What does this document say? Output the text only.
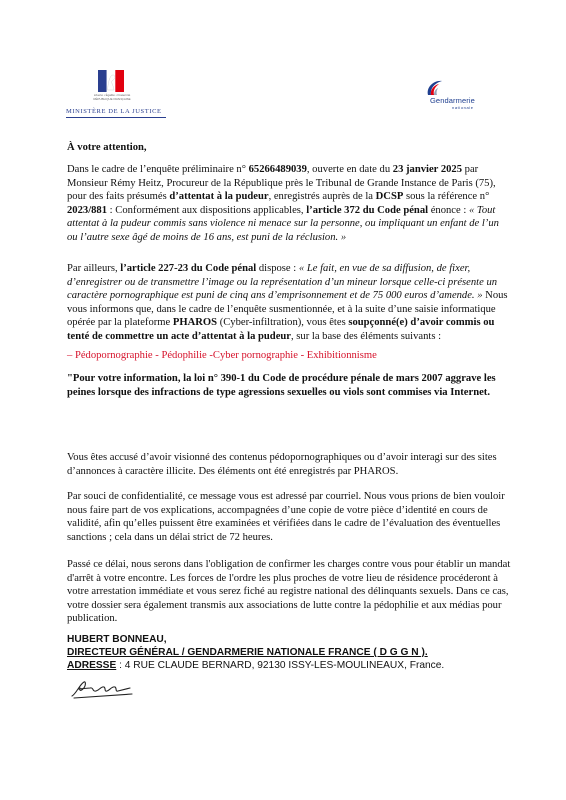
Liberté • Égalité • Fraternité
RÉPUBLIQUE FRANÇAISE
MINISTÈRE DE LA JUSTICE
Gendarmerie
nationale

À votre attention,

Dans le cadre de l’enquête préliminaire n° 65266489039, ouverte en date du 23 janvier 2025 par Monsieur Rémy Heitz, Procureur de la République près le Tribunal de Grande Instance de Paris (75), pour des faits présumés d’attentat à la pudeur, enregistrés auprès de la DCSP sous la référence n° 2023/881 : Conformément aux dispositions applicables, l’article 372 du Code pénal énonce : « Tout attentat à la pudeur commis sans violence ni menace sur la personne, ou impliquant un enfant de l’un ou l’autre sexe âgé de moins de 16 ans, est puni de la réclusion. »

Par ailleurs, l’article 227-23 du Code pénal dispose : « Le fait, en vue de sa diffusion, de fixer, d’enregistrer ou de transmettre l’image ou la représentation d’un mineur lorsque celle-ci présente un caractère pornographique est puni de cinq ans d’emprisonnement et de 75 000 euros d’amende. » Nous vous informons que, dans le cadre de l’enquête susmentionnée, et à la suite d’une saisie informatique opérée par la plateforme PHAROS (Cyber-infiltration), vous êtes soupçonné(e) d’avoir commis ou tenté de commettre un acte d’attentat à la pudeur, sur la base des éléments suivants :

– Pédopornographie - Pédophilie -Cyber pornographie - Exhibitionnisme

"Pour votre information, la loi n° 390-1 du Code de procédure pénale de mars 2007 aggrave les peines lorsque des infractions de type agressions sexuelles ou viols sont commises via Internet.

Vous êtes accusé d’avoir visionné des contenus pédopornographiques ou d’avoir interagi sur des sites d’annonces à caractère illicite. Des éléments ont été enregistrés par PHAROS.

Par souci de confidentialité, ce message vous est adressé par courriel. Nous vous prions de bien vouloir nous faire part de vos explications, accompagnées d’une copie de votre pièce d’identité en cours de validité, afin qu’elles puissent être examinées et vérifiées dans le cadre de l’évaluation des éventuelles sanctions ; cela dans un délai strict de 72 heures.

Passé ce délai, nous serons dans l'obligation de confirmer les charges contre vous pour établir un mandat d'arrêt à votre encontre. Les forces de l'ordre les plus proches de votre lieu de résidence procéderont à votre arrestation immédiate et vous serez fiché au registre national des délinquants sexuels. Dans ce cas, votre dossier sera également transmis aux associations de lutte contre la pédophilie et aux médias pour publication.

HUBERT BONNEAU,

DIRECTEUR GÉNÉRAL / GENDARMERIE NATIONALE FRANCE ( D G G N ).

ADRESSE : 4 RUE CLAUDE BERNARD, 92130 ISSY-LES-MOULINEAUX, France.
